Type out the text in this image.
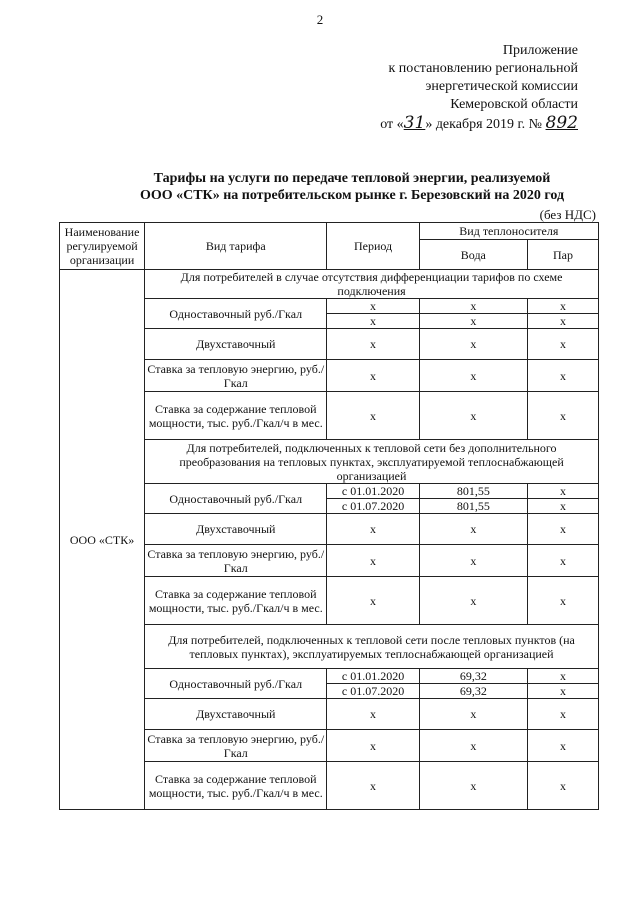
2
Приложение
к постановлению региональной
энергетической комиссии
Кемеровской области
от «31» декабря 2019 г. № 892
Тарифы на услуги по передаче тепловой энергии, реализуемой
ООО «СТК» на потребительском рынке г. Березовский на 2020 год
(без НДС)
Наименование регулируемой организации	Вид тарифа	Период	Вид теплоносителя	
			Вода	Пар
ООО «СТК»	Для потребителей в случае отсутствия дифференциации тарифов по схеме подключения			
	Одноставочный руб./Гкал	х	х	х
		х	х	х
	Двухставочный	х	х	х
	Ставка за тепловую энергию, руб./Гкал	х	х	х
	Ставка за содержание тепловой мощности, тыс. руб./Гкал/ч в мес.	х	х	х
	Для потребителей, подключенных к тепловой сети без дополнительного преобразования на тепловых пунктах, эксплуатируемой теплоснабжающей организацией			
	Одноставочный руб./Гкал	с 01.01.2020	801,55	х
		с 01.07.2020	801,55	х
	Двухставочный	х	х	х
	Ставка за тепловую энергию, руб./Гкал	х	х	х
	Ставка за содержание тепловой мощности, тыс. руб./Гкал/ч в мес.	х	х	х
	Для потребителей, подключенных к тепловой сети после тепловых пунктов (на тепловых пунктах), эксплуатируемых теплоснабжающей организацией			
	Одноставочный руб./Гкал	с 01.01.2020	69,32	х
		с 01.07.2020	69,32	х
	Двухставочный	х	х	х
	Ставка за тепловую энергию, руб./Гкал	х	х	х
	Ставка за содержание тепловой мощности, тыс. руб./Гкал/ч в мес.	х	х	х
